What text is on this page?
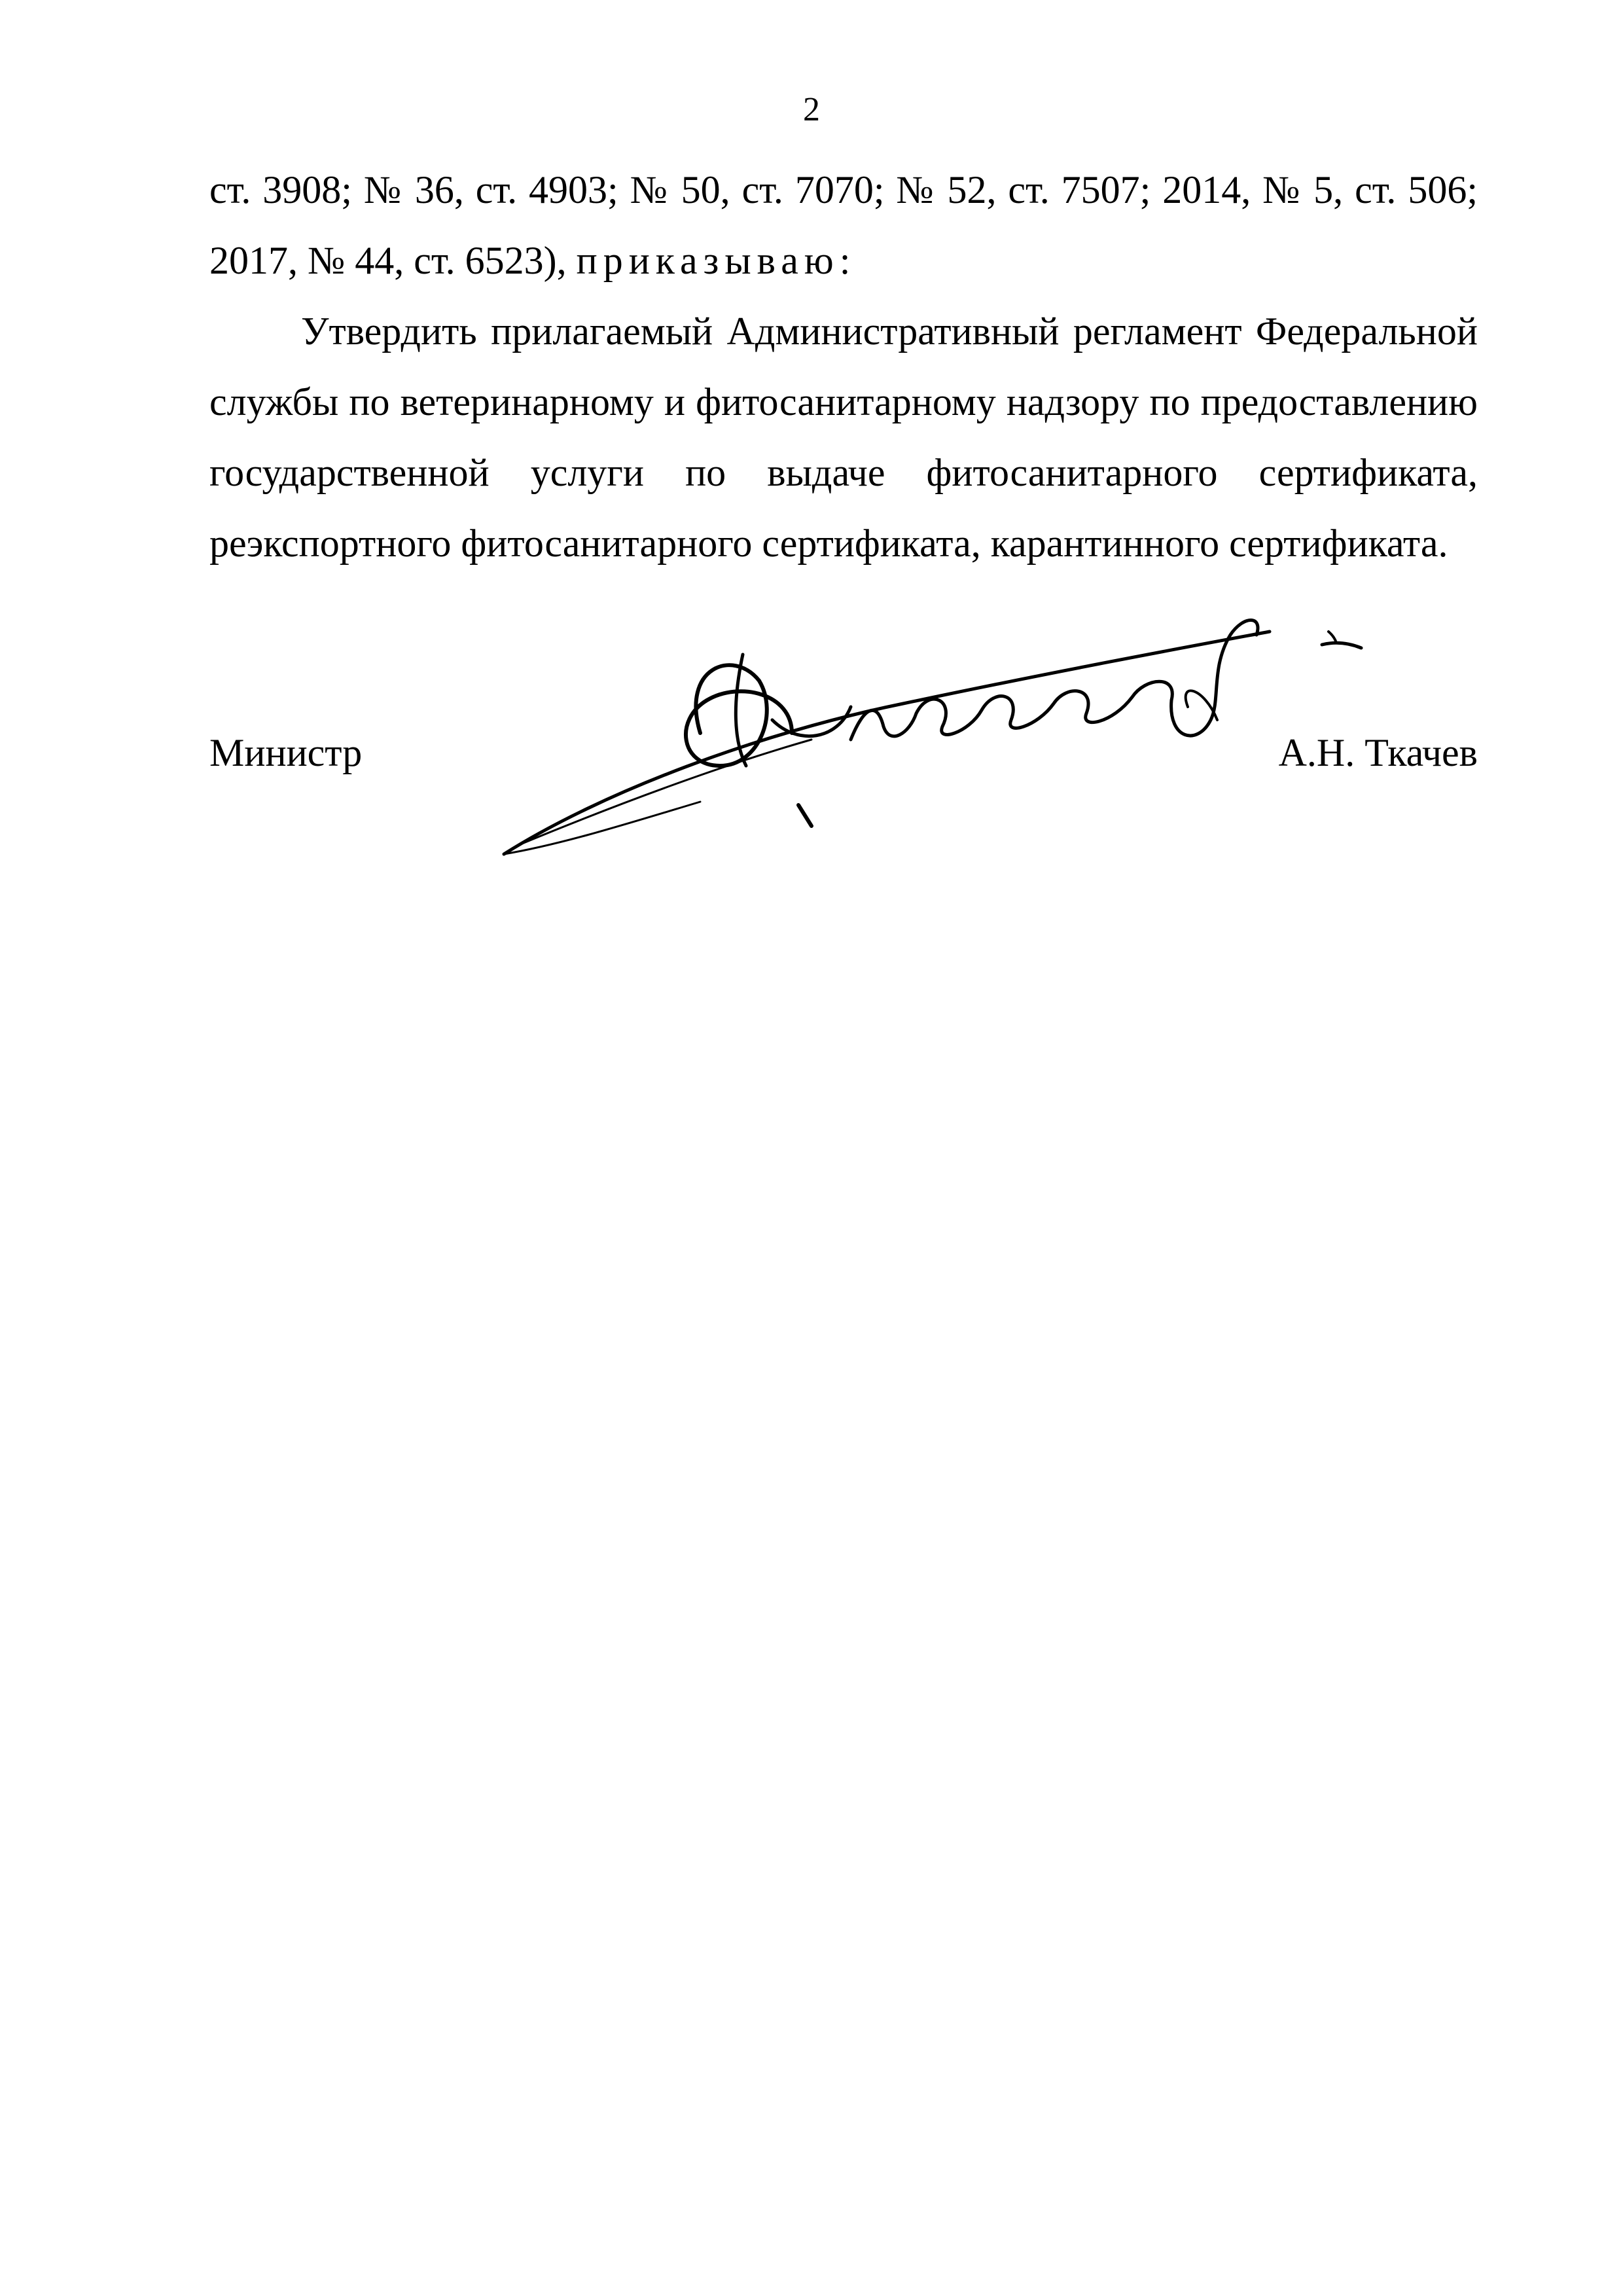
2

ст. 3908; № 36, ст. 4903; № 50, ст. 7070; № 52, ст. 7507; 2014, № 5, ст. 506; 2017, № 44, ст. 6523), приказываю:

Утвердить прилагаемый Административный регламент Федеральной службы по ветеринарному и фитосанитарному надзору по предоставлению государственной услуги по выдаче фитосанитарного сертификата, реэкспортного фитосанитарного сертификата, карантинного сертификата.

Министр	А.Н. Ткачев
